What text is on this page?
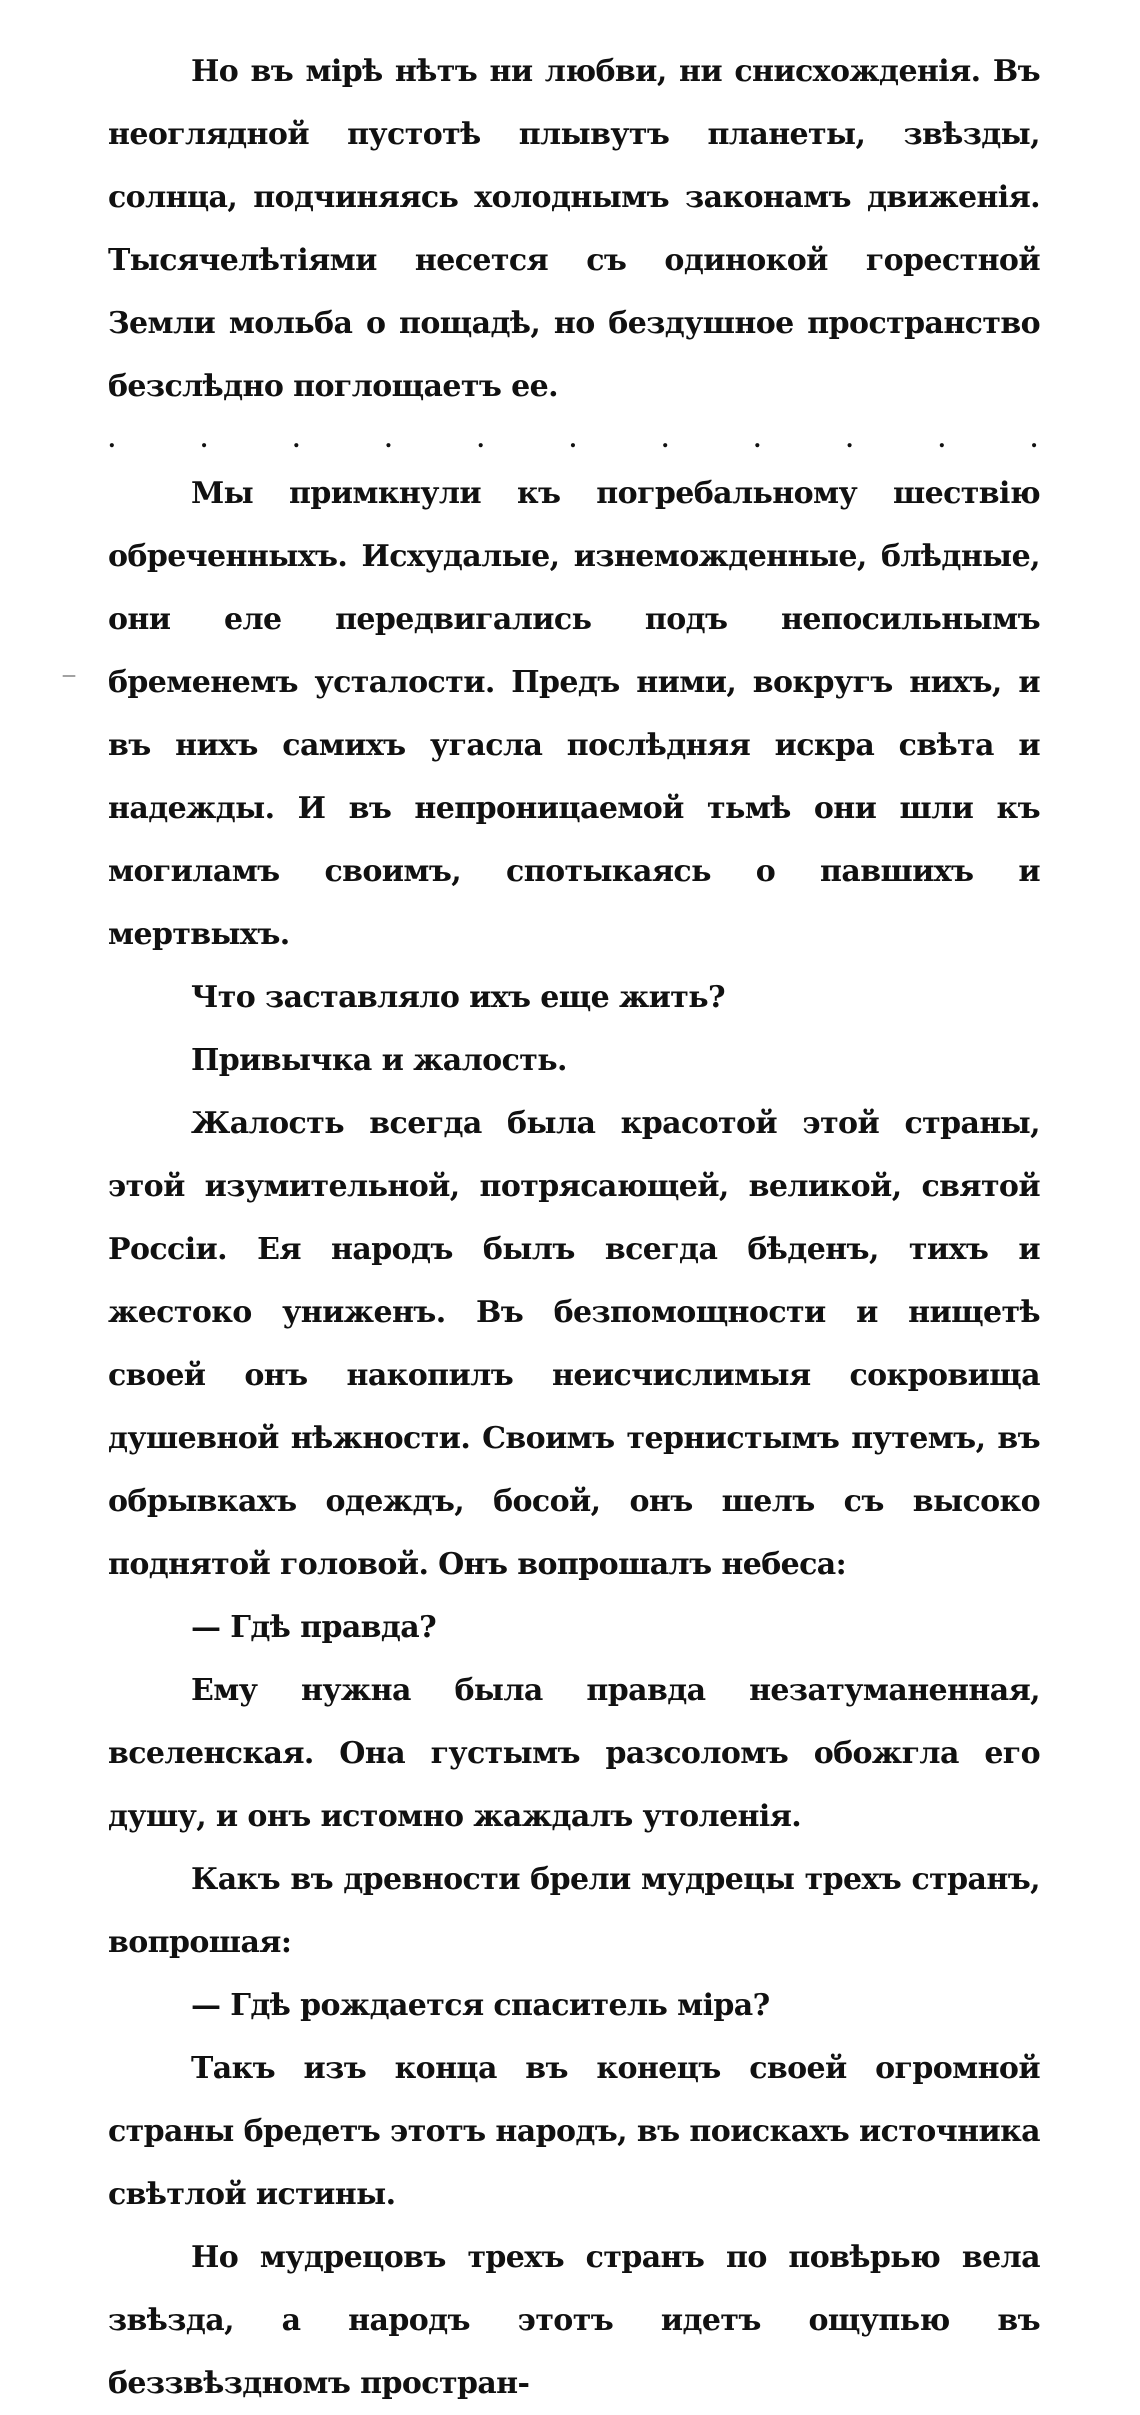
Но въ мірѣ нѣтъ ни любви, ни снисхожденія. Въ неоглядной пустотѣ плывутъ планеты, звѣзды, солнца, подчиняясь холоднымъ законамъ движенія. Тысячелѣтіями несется съ одинокой горестной Земли мольба о пощадѣ, но бездушное пространство безслѣдно поглощаетъ ее.

.	.	.	.	.	.	.	.	.	.	.

Мы примкнули къ погребальному шествію обреченныхъ. Исхудалые, изнеможденные, блѣдные, они еле передвигались подъ непосильнымъ бременемъ усталости. Предъ ними, вокругъ нихъ, и въ нихъ самихъ угасла послѣдняя искра свѣта и надежды. И въ непроницаемой тьмѣ они шли къ могиламъ своимъ, спотыкаясь о павшихъ и мертвыхъ.

Что заставляло ихъ еще жить?

Привычка и жалость.

Жалость всегда была красотой этой страны, этой изумительной, потрясающей, великой, святой Россіи. Ея народъ былъ всегда бѣденъ, тихъ и жестоко униженъ. Въ безпомощности и нищетѣ своей онъ накопилъ неисчислимыя сокровища душевной нѣжности. Своимъ тернистымъ путемъ, въ обрывкахъ одеждъ, босой, онъ шелъ съ высоко поднятой головой. Онъ вопрошалъ небеса:

— Гдѣ правда?

Ему нужна была правда незатуманенная, вселенская. Она густымъ разсоломъ обожгла его душу, и онъ истомно жаждалъ утоленія.

Какъ въ древности брели мудрецы трехъ странъ, вопрошая:

— Гдѣ рождается спаситель міра?

Такъ изъ конца въ конецъ своей огромной страны бредетъ этотъ народъ, въ поискахъ источника свѣтлой истины.

Но мудрецовъ трехъ странъ по повѣрью вела звѣзда, а народъ этотъ идетъ ощупью въ беззвѣздномъ простран-

—
